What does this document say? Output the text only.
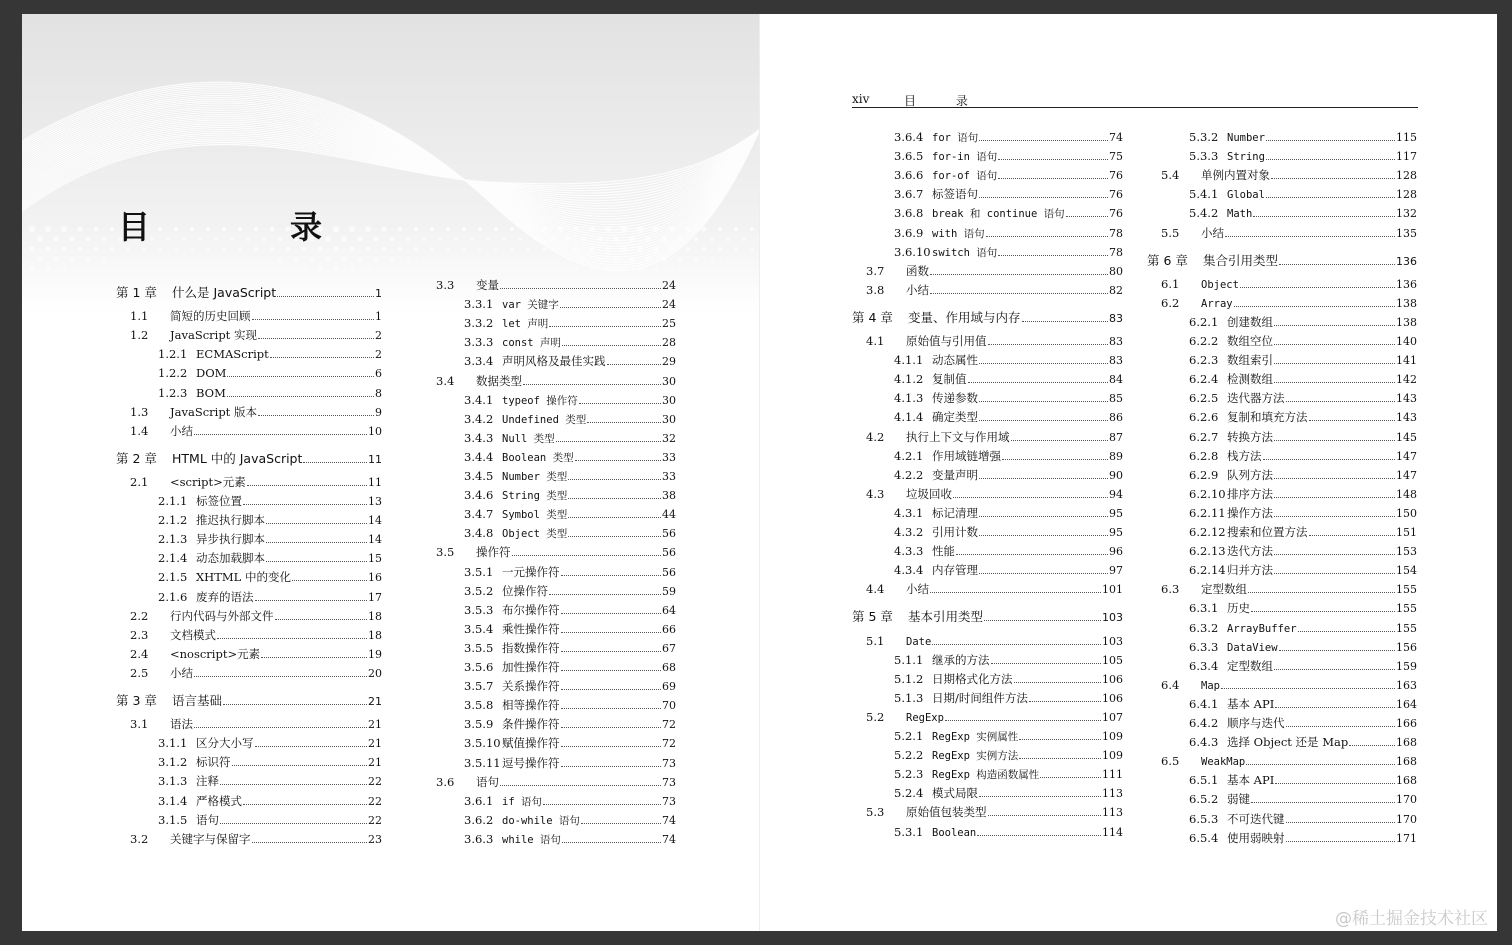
目　录
第 1 章	什么是 JavaScript	1
1.1	简短的历史回顾	1
1.2	JavaScript 实现	2
1.2.1 ECMAScript	2
1.2.2 DOM	6
1.2.3 BOM	8
1.3	JavaScript 版本	9
1.4	小结	10
第 2 章	HTML 中的 JavaScript	11
2.1	<script>元素	11
2.1.1 标签位置	13
2.1.2 推迟执行脚本	14
2.1.3 异步执行脚本	14
2.1.4 动态加载脚本	15
2.1.5 XHTML 中的变化	16
2.1.6 废弃的语法	17
2.2	行内代码与外部文件	18
2.3	文档模式	18
2.4	<noscript>元素	19
2.5	小结	20
第 3 章	语言基础	21
3.1	语法	21
3.1.1 区分大小写	21
3.1.2 标识符	21
3.1.3 注释	22
3.1.4 严格模式	22
3.1.5 语句	22
3.2	关键字与保留字	23
3.3	变量	24
3.3.1 var 关键字	24
3.3.2 let 声明	25
3.3.3 const 声明	28
3.3.4 声明风格及最佳实践	29
3.4	数据类型	30
3.4.1 typeof 操作符	30
3.4.2 Undefined 类型	30
3.4.3 Null 类型	32
3.4.4 Boolean 类型	33
3.4.5 Number 类型	33
3.4.6 String 类型	38
3.4.7 Symbol 类型	44
3.4.8 Object 类型	56
3.5	操作符	56
3.5.1 一元操作符	56
3.5.2 位操作符	59
3.5.3 布尔操作符	64
3.5.4 乘性操作符	66
3.5.5 指数操作符	67
3.5.6 加性操作符	68
3.5.7 关系操作符	69
3.5.8 相等操作符	70
3.5.9 条件操作符	72
3.5.10 赋值操作符	72
3.5.11 逗号操作符	73
3.6	语句	73
3.6.1 if 语句	73
3.6.2 do-while 语句	74
3.6.3 while 语句	74
xiv	目 录
3.6.4 for 语句	74
3.6.5 for-in 语句	75
3.6.6 for-of 语句	76
3.6.7 标签语句	76
3.6.8 break 和 continue 语句	76
3.6.9 with 语句	78
3.6.10 switch 语句	78
3.7	函数	80
3.8	小结	82
第 4 章	变量、作用域与内存	83
4.1	原始值与引用值	83
4.1.1 动态属性	83
4.1.2 复制值	84
4.1.3 传递参数	85
4.1.4 确定类型	86
4.2	执行上下文与作用域	87
4.2.1 作用域链增强	89
4.2.2 变量声明	90
4.3	垃圾回收	94
4.3.1 标记清理	95
4.3.2 引用计数	95
4.3.3 性能	96
4.3.4 内存管理	97
4.4	小结	101
第 5 章	基本引用类型	103
5.1	Date	103
5.1.1 继承的方法	105
5.1.2 日期格式化方法	106
5.1.3 日期/时间组件方法	106
5.2	RegExp	107
5.2.1 RegExp 实例属性	109
5.2.2 RegExp 实例方法	109
5.2.3 RegExp 构造函数属性	111
5.2.4 模式局限	113
5.3	原始值包装类型	113
5.3.1 Boolean	114
5.3.2 Number	115
5.3.3 String	117
5.4	单例内置对象	128
5.4.1 Global	128
5.4.2 Math	132
5.5	小结	135
第 6 章	集合引用类型	136
6.1	Object	136
6.2	Array	138
6.2.1 创建数组	138
6.2.2 数组空位	140
6.2.3 数组索引	141
6.2.4 检测数组	142
6.2.5 迭代器方法	143
6.2.6 复制和填充方法	143
6.2.7 转换方法	145
6.2.8 栈方法	147
6.2.9 队列方法	147
6.2.10 排序方法	148
6.2.11 操作方法	150
6.2.12 搜索和位置方法	151
6.2.13 迭代方法	153
6.2.14 归并方法	154
6.3	定型数组	155
6.3.1 历史	155
6.3.2 ArrayBuffer	155
6.3.3 DataView	156
6.3.4 定型数组	159
6.4	Map	163
6.4.1 基本 API	164
6.4.2 顺序与迭代	166
6.4.3 选择 Object 还是 Map	168
6.5	WeakMap	168
6.5.1 基本 API	168
6.5.2 弱键	170
6.5.3 不可迭代键	170
6.5.4 使用弱映射	171
@稀土掘金技术社区
